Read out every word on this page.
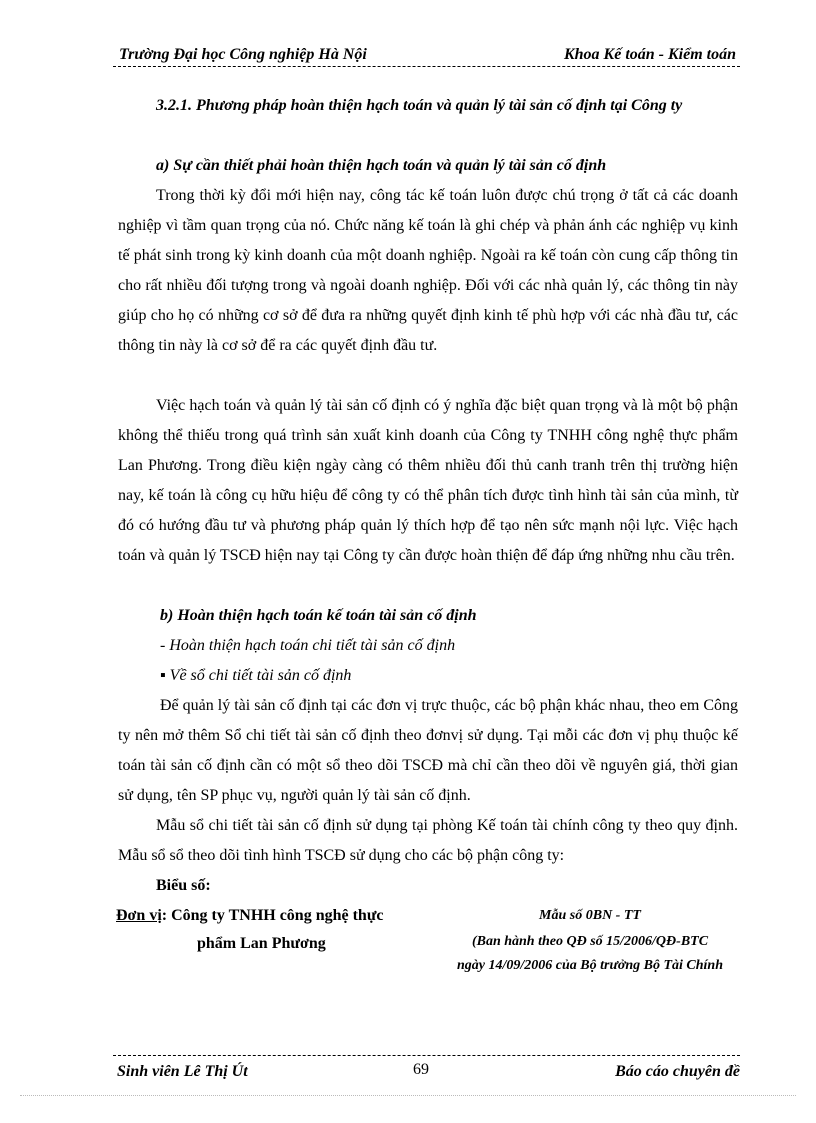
Trường Đại học Công nghiệp Hà Nội	Khoa Kế toán - Kiểm toán
3.2.1. Phương pháp hoàn thiện hạch toán và quản lý tài sản cố định tại Công ty
a) Sự cần thiết phải hoàn thiện hạch toán và quản lý tài sản cố định
Trong thời kỳ đổi mới hiện nay, công tác kế toán luôn được chú trọng ở tất cả các doanh nghiệp vì tầm quan trọng của nó. Chức năng kế toán là ghi chép và phản ánh các nghiệp vụ kinh tế phát sinh trong kỳ kinh doanh của một doanh nghiệp. Ngoài ra kế toán còn cung cấp thông tin cho rất nhiều đối tượng trong và ngoài doanh nghiệp. Đối với các nhà quản lý, các thông tin này giúp cho họ có những cơ sở để đưa ra những quyết định kinh tế phù hợp với các nhà đầu tư, các thông tin này là cơ sở để ra các quyết định đầu tư.
Việc hạch toán và quản lý tài sản cố định có ý nghĩa đặc biệt quan trọng và là một bộ phận không thể thiếu trong quá trình sản xuất kinh doanh của Công ty TNHH công nghệ thực phẩm Lan Phương. Trong điều kiện ngày càng có thêm nhiều đối thủ canh tranh trên thị trường hiện nay, kế toán là công cụ hữu hiệu để công ty có thể phân tích được tình hình tài sản của mình, từ đó có hướng đầu tư và phương pháp quản lý thích hợp để tạo nên sức mạnh nội lực. Việc hạch toán và quản lý TSCĐ hiện nay tại Công ty cần được hoàn thiện để đáp ứng những nhu cầu trên.
b) Hoàn thiện hạch toán kế toán tài sản cố định
- Hoàn thiện hạch toán chi tiết tài sản cố định
▪ Về sổ chi tiết tài sản cố định
Để quản lý tài sản cố định tại các đơn vị trực thuộc, các bộ phận khác nhau, theo em Công ty nên mở thêm Sổ chi tiết tài sản cố định theo đơnvị sử dụng. Tại mỗi các đơn vị phụ thuộc kế toán tài sản cố định cần có một sổ theo dõi TSCĐ mà chỉ cần theo dõi về nguyên giá, thời gian sử dụng, tên SP phục vụ, người quản lý tài sản cố định.
Mẫu sổ chi tiết tài sản cố định sử dụng tại phòng Kế toán tài chính công ty theo quy định. Mẫu sổ sổ theo dõi tình hình TSCĐ sử dụng cho các bộ phận công ty:
Biểu số:
Đơn vị: Công ty TNHH công nghệ thực
phẩm Lan Phương
Mẫu số 0BN - TT
(Ban hành theo QĐ số 15/2006/QĐ-BTC
ngày 14/09/2006 của Bộ trưởng Bộ Tài Chính
Sinh viên Lê Thị Út	69	Báo cáo chuyên đề
